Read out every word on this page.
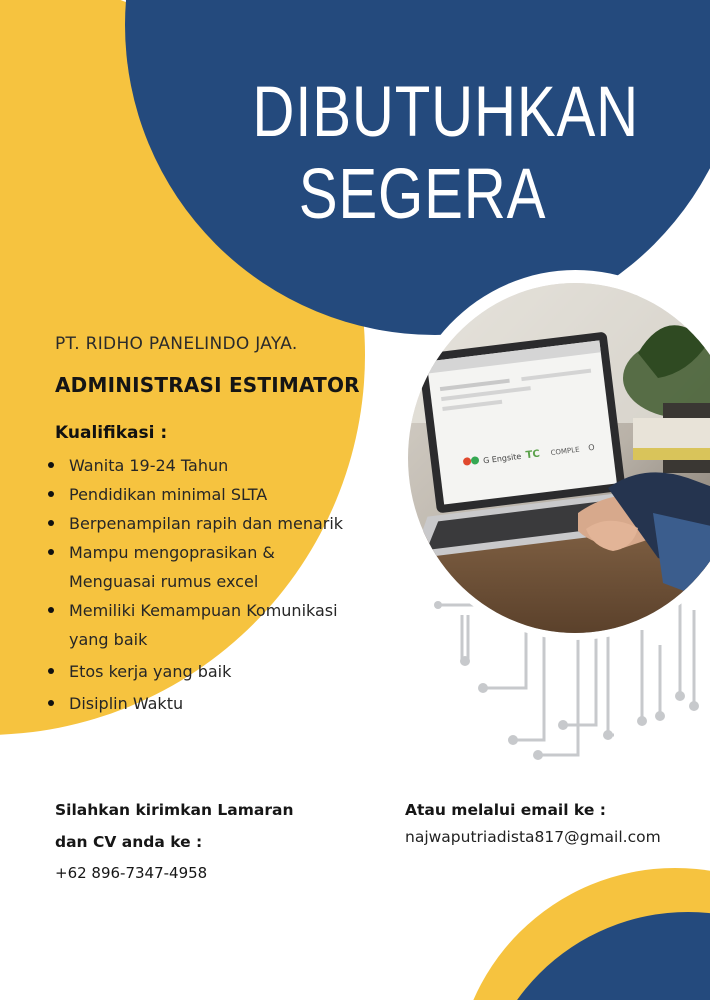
DIBUTUHKAN
SEGERA
PT. RIDHO PANELINDO JAYA.
ADMINISTRASI ESTIMATOR
Kualifikasi :
Wanita 19-24 Tahun
Pendidikan minimal SLTA
Berpenampilan rapih dan menarik
Mampu mengoprasikan &
Menguasai rumus excel
Memiliki Kemampuan Komunikasi
yang baik
Etos kerja yang baik
Disiplin Waktu
G Engsite TC COMPLE O
Silahkan kirimkan Lamaran
dan CV anda ke :
+62 896-7347-4958
Atau melalui email ke :
najwaputriadista817@gmail.com
